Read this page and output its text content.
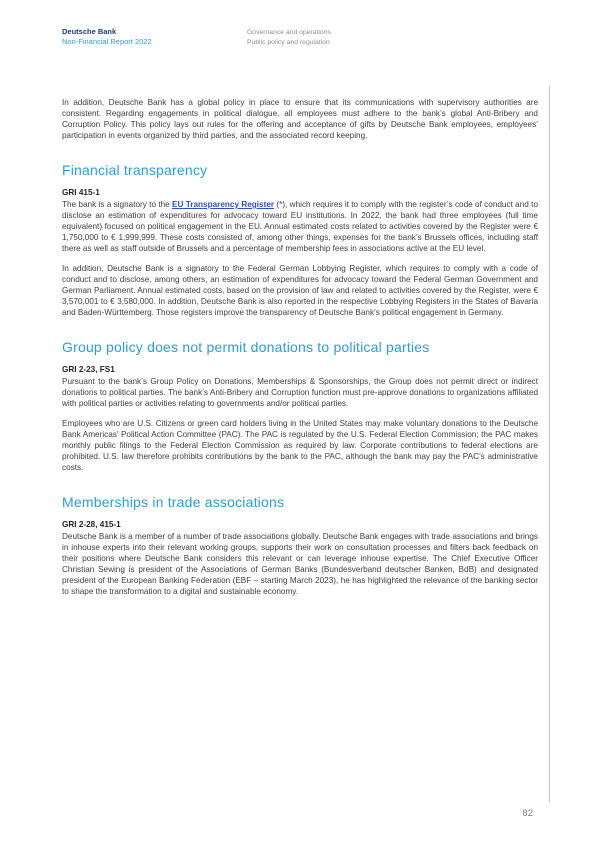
Deutsche Bank
Non-Financial Report 2022
Governance and operations
Public policy and regulation

In addition, Deutsche Bank has a global policy in place to ensure that its communications with supervisory authorities are consistent. Regarding engagements in political dialogue, all employees must adhere to the bank’s global Anti-Bribery and Corruption Policy. This policy lays out rules for the offering and acceptance of gifts by Deutsche Bank employees, employees’ participation in events organized by third parties, and the associated record keeping.

Financial transparency
GRI 415-1

The bank is a signatory to the EU Transparency Register (*), which requires it to comply with the register’s code of conduct and to disclose an estimation of expenditures for advocacy toward EU institutions. In 2022, the bank had three employees (full time equivalent) focused on political engagement in the EU. Annual estimated costs related to activities covered by the Register were € 1,750,000 to € 1,999,999. These costs consisted of, among other things, expenses for the bank’s Brussels offices, including staff there as well as staff outside of Brussels and a percentage of membership fees in associations active at the EU level.

In addition, Deutsche Bank is a signatory to the Federal German Lobbying Register, which requires to comply with a code of conduct and to disclose, among others, an estimation of expenditures for advocacy toward the Federal German Government and German Parliament. Annual estimated costs, based on the provision of law and related to activities covered by the Register, were € 3,570,001 to € 3,580,000. In addition, Deutsche Bank is also reported in the respective Lobbying Registers in the States of Bavaria and Baden-Württemberg. Those registers improve the transparency of Deutsche Bank’s political engagement in Germany.

Group policy does not permit donations to political parties
GRI 2-23, FS1

Pursuant to the bank’s Group Policy on Donations, Memberships & Sponsorships, the Group does not permit direct or indirect donations to political parties. The bank’s Anti-Bribery and Corruption function must pre-approve donations to organizations affiliated with political parties or activities relating to governments and/or political parties.

Employees who are U.S. Citizens or green card holders living in the United States may make voluntary donations to the Deutsche Bank Americas’ Political Action Committee (PAC). The PAC is regulated by the U.S. Federal Election Commission; the PAC makes monthly public filings to the Federal Election Commission as required by law. Corporate contributions to federal elections are prohibited. U.S. law therefore prohibits contributions by the bank to the PAC, although the bank may pay the PAC’s administrative costs.

Memberships in trade associations
GRI 2-28, 415-1

Deutsche Bank is a member of a number of trade associations globally. Deutsche Bank engages with trade associations and brings in inhouse experts into their relevant working groups, supports their work on consultation processes and filters back feedback on their positions where Deutsche Bank considers this relevant or can leverage inhouse expertise. The Chief Executive Officer Christian Sewing is president of the Associations of German Banks (Bundesverband deutscher Banken, BdB) and designated president of the European Banking Federation (EBF – starting March 2023), he has highlighted the relevance of the banking sector to shape the transformation to a digital and sustainable economy.

82
